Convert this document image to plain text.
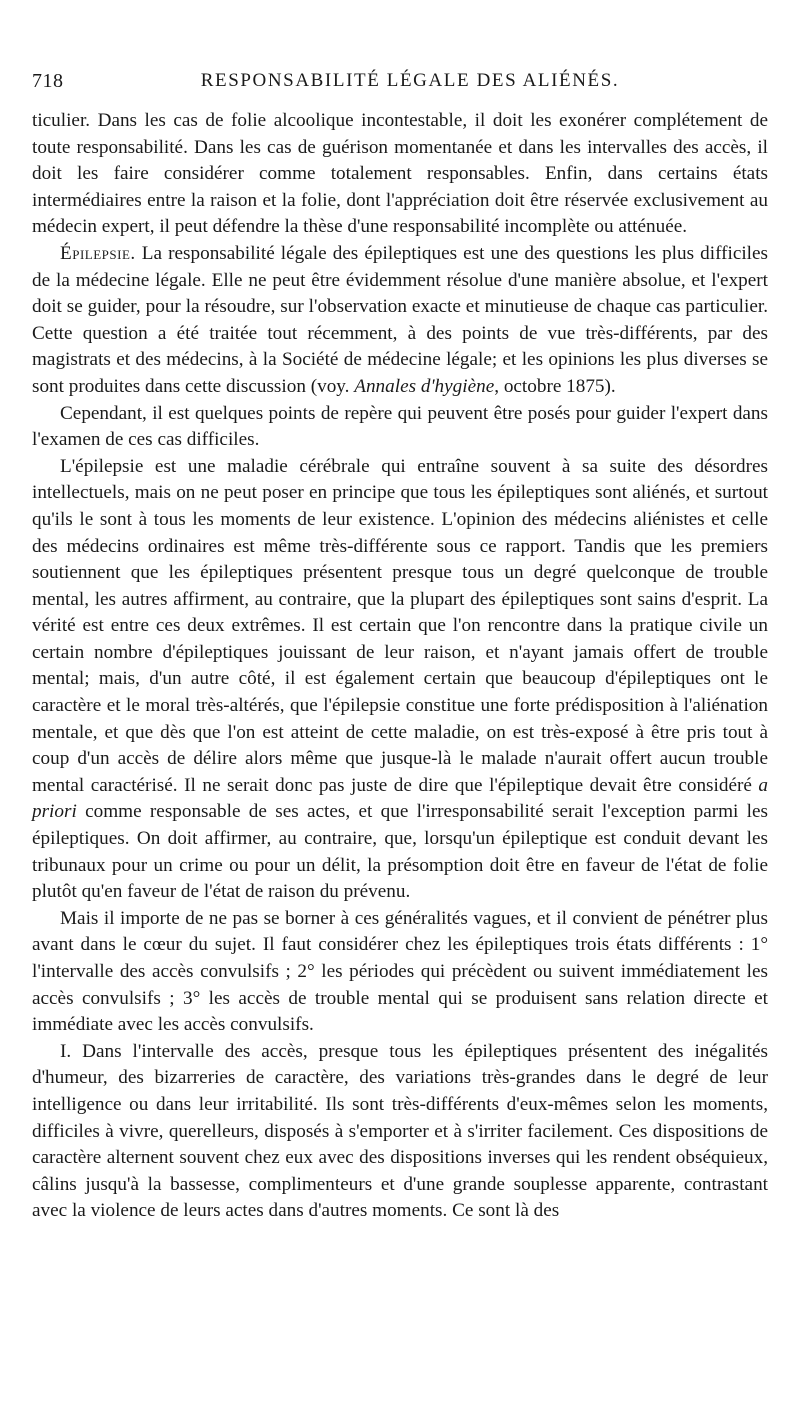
718	RESPONSABILITÉ LÉGALE DES ALIÉNÉS.

ticulier. Dans les cas de folie alcoolique incontestable, il doit les exonérer complétement de toute responsabilité. Dans les cas de guérison momentanée et dans les intervalles des accès, il doit les faire considérer comme totalement responsables. Enfin, dans certains états intermédiaires entre la raison et la folie, dont l'appréciation doit être réservée exclusivement au médecin expert, il peut défendre la thèse d'une responsabilité incomplète ou atténuée.

Épilepsie. La responsabilité légale des épileptiques est une des questions les plus difficiles de la médecine légale. Elle ne peut être évidemment résolue d'une manière absolue, et l'expert doit se guider, pour la résoudre, sur l'observation exacte et minutieuse de chaque cas particulier. Cette question a été traitée tout récemment, à des points de vue très-différents, par des magistrats et des médecins, à la Société de médecine légale; et les opinions les plus diverses se sont produites dans cette discussion (voy. Annales d'hygiène, octobre 1875).

Cependant, il est quelques points de repère qui peuvent être posés pour guider l'expert dans l'examen de ces cas difficiles.

L'épilepsie est une maladie cérébrale qui entraîne souvent à sa suite des désordres intellectuels, mais on ne peut poser en principe que tous les épileptiques sont aliénés, et surtout qu'ils le sont à tous les moments de leur existence. L'opinion des médecins aliénistes et celle des médecins ordinaires est même très-différente sous ce rapport. Tandis que les premiers soutiennent que les épileptiques présentent presque tous un degré quelconque de trouble mental, les autres affirment, au contraire, que la plupart des épileptiques sont sains d'esprit. La vérité est entre ces deux extrêmes. Il est certain que l'on rencontre dans la pratique civile un certain nombre d'épileptiques jouissant de leur raison, et n'ayant jamais offert de trouble mental; mais, d'un autre côté, il est également certain que beaucoup d'épileptiques ont le caractère et le moral très-altérés, que l'épilepsie constitue une forte prédisposition à l'aliénation mentale, et que dès que l'on est atteint de cette maladie, on est très-exposé à être pris tout à coup d'un accès de délire alors même que jusque-là le malade n'aurait offert aucun trouble mental caractérisé. Il ne serait donc pas juste de dire que l'épileptique devait être considéré a priori comme responsable de ses actes, et que l'irresponsabilité serait l'exception parmi les épileptiques. On doit affirmer, au contraire, que, lorsqu'un épileptique est conduit devant les tribunaux pour un crime ou pour un délit, la présomption doit être en faveur de l'état de folie plutôt qu'en faveur de l'état de raison du prévenu.

Mais il importe de ne pas se borner à ces généralités vagues, et il convient de pénétrer plus avant dans le cœur du sujet. Il faut considérer chez les épileptiques trois états différents : 1° l'intervalle des accès convulsifs ; 2° les périodes qui précèdent ou suivent immédiatement les accès convulsifs ; 3° les accès de trouble mental qui se produisent sans relation directe et immédiate avec les accès convulsifs.

I. Dans l'intervalle des accès, presque tous les épileptiques présentent des inégalités d'humeur, des bizarreries de caractère, des variations très-grandes dans le degré de leur intelligence ou dans leur irritabilité. Ils sont très-différents d'eux-mêmes selon les moments, difficiles à vivre, querelleurs, disposés à s'emporter et à s'irriter facilement. Ces dispositions de caractère alternent souvent chez eux avec des dispositions inverses qui les rendent obséquieux, câlins jusqu'à la bassesse, complimenteurs et d'une grande souplesse apparente, contrastant avec la violence de leurs actes dans d'autres moments. Ce sont là des
